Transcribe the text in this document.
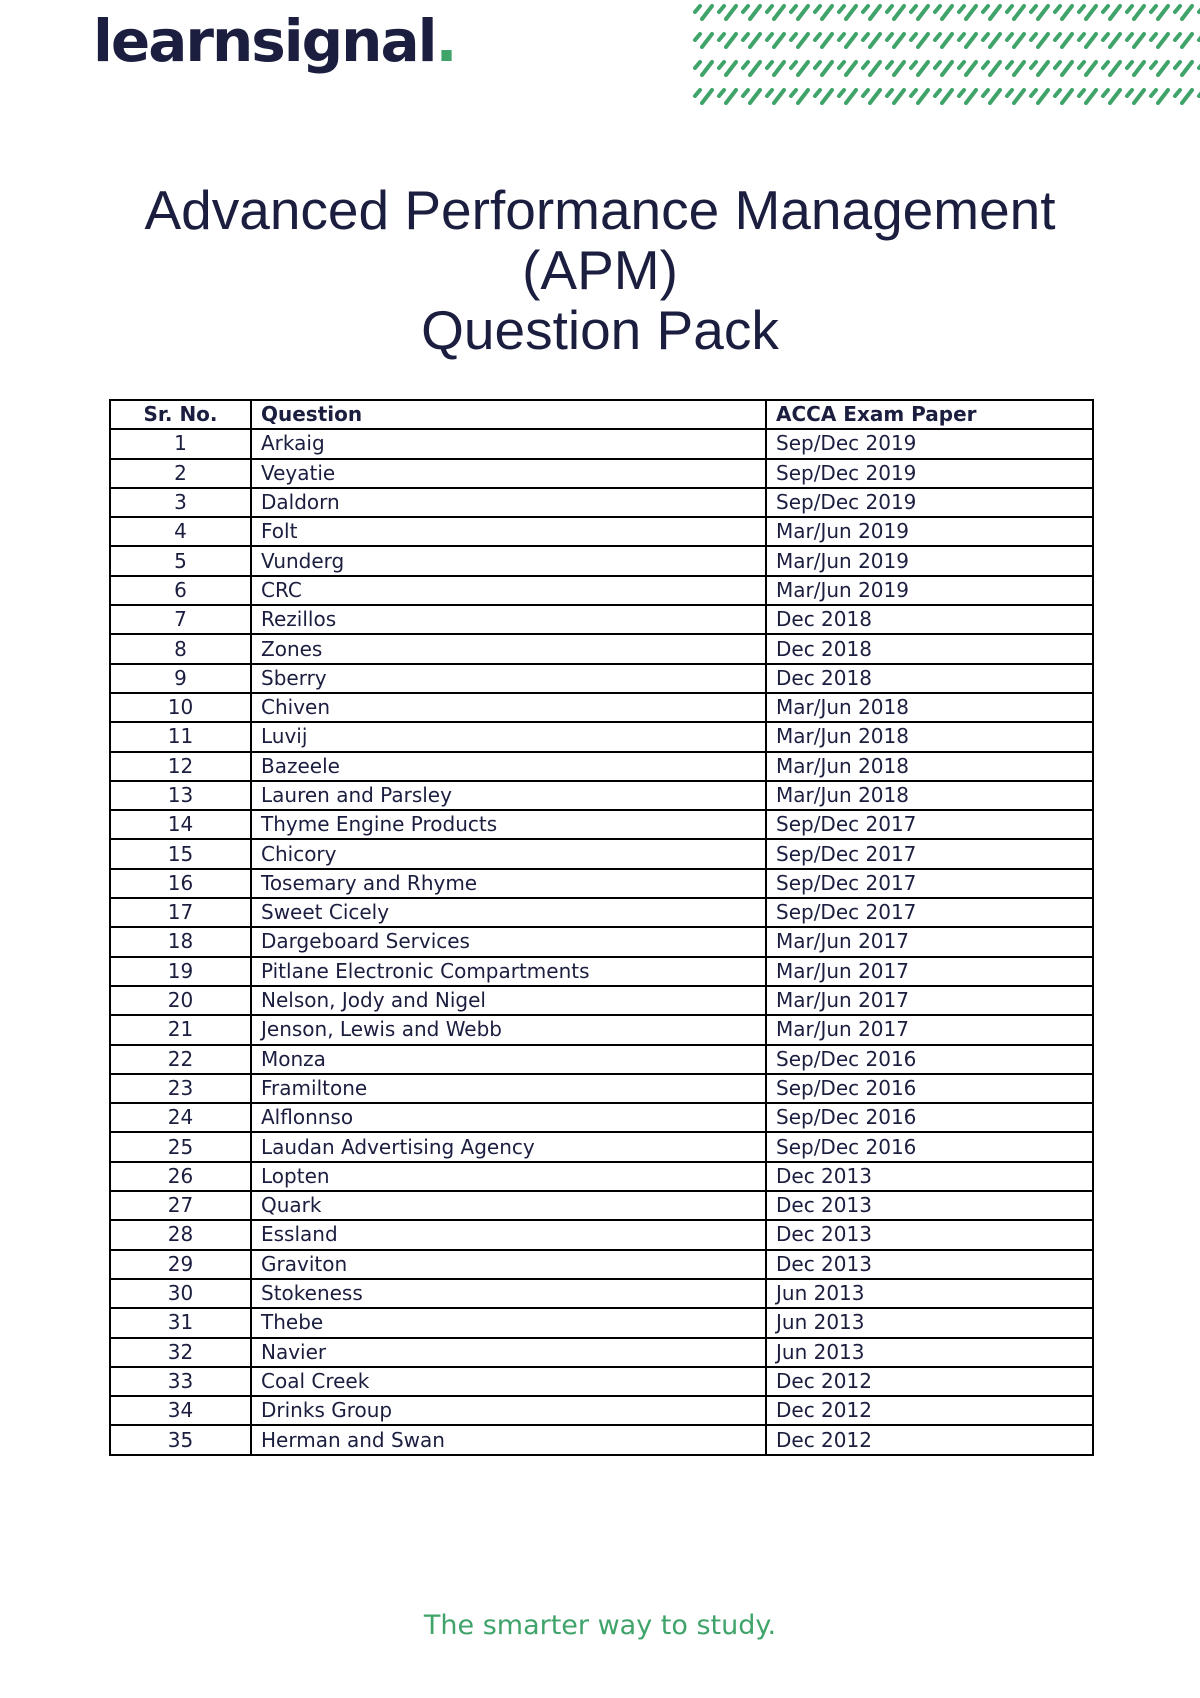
learnsignal.
Advanced Performance Management
(APM)
Question Pack
Sr. No.	Question	ACCA Exam Paper
1	Arkaig	Sep/Dec 2019
2	Veyatie	Sep/Dec 2019
3	Daldorn	Sep/Dec 2019
4	Folt	Mar/Jun 2019
5	Vunderg	Mar/Jun 2019
6	CRC	Mar/Jun 2019
7	Rezillos	Dec 2018
8	Zones	Dec 2018
9	Sberry	Dec 2018
10	Chiven	Mar/Jun 2018
11	Luvij	Mar/Jun 2018
12	Bazeele	Mar/Jun 2018
13	Lauren and Parsley	Mar/Jun 2018
14	Thyme Engine Products	Sep/Dec 2017
15	Chicory	Sep/Dec 2017
16	Tosemary and Rhyme	Sep/Dec 2017
17	Sweet Cicely	Sep/Dec 2017
18	Dargeboard Services	Mar/Jun 2017
19	Pitlane Electronic Compartments	Mar/Jun 2017
20	Nelson, Jody and Nigel	Mar/Jun 2017
21	Jenson, Lewis and Webb	Mar/Jun 2017
22	Monza	Sep/Dec 2016
23	Framiltone	Sep/Dec 2016
24	Alflonnso	Sep/Dec 2016
25	Laudan Advertising Agency	Sep/Dec 2016
26	Lopten	Dec 2013
27	Quark	Dec 2013
28	Essland	Dec 2013
29	Graviton	Dec 2013
30	Stokeness	Jun 2013
31	Thebe	Jun 2013
32	Navier	Jun 2013
33	Coal Creek	Dec 2012
34	Drinks Group	Dec 2012
35	Herman and Swan	Dec 2012
The smarter way to study.
